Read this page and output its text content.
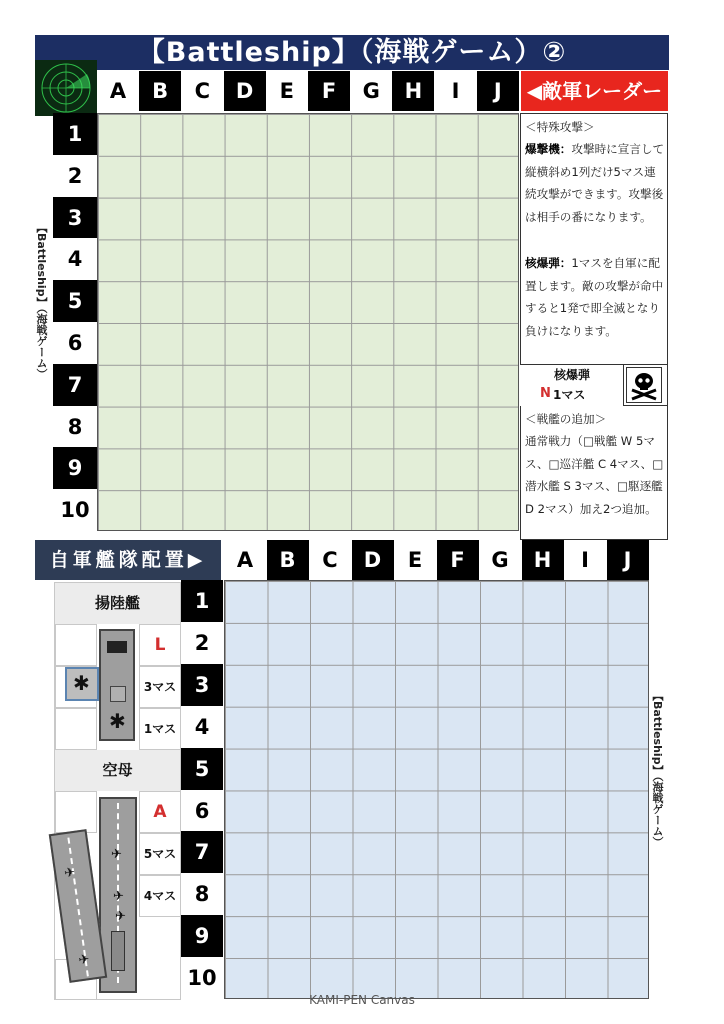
【Battleship】（海戦ゲーム）②
A	B	C	D	E	F	G	H	I	J	◀敵軍レーダー
1
2
3
4
5
6
7
8
9
10
【Battleship】（海戦ゲーム）
＜特殊攻撃＞
爆撃機：攻撃時に宣言して縦横斜め1列だけ5マス連続攻撃ができます。攻撃後は相手の番になります。
核爆弾：1マスを自軍に配置します。敵の攻撃が命中すると1発で即全滅となり負けになります。
＜戦艦の追加＞
通常戦力（□戦艦 W 5マス、□巡洋艦 C 4マス、□潜水艦 S 3マス、□駆逐艦 D 2マス）加え2つ追加。
核爆弾
N 1マス
自軍艦隊配置▶	A	B	C	D	E	F	G	H	I	J
1
2
3
4
5
6
7
8
9
10
【Battleship】（海戦ゲーム）
揚陸艦
L
3マス
1マス
✱
✱
空母
A
5マス
4マス
✈
✈
✈
✈
✈
KAMI-PEN Canvas
